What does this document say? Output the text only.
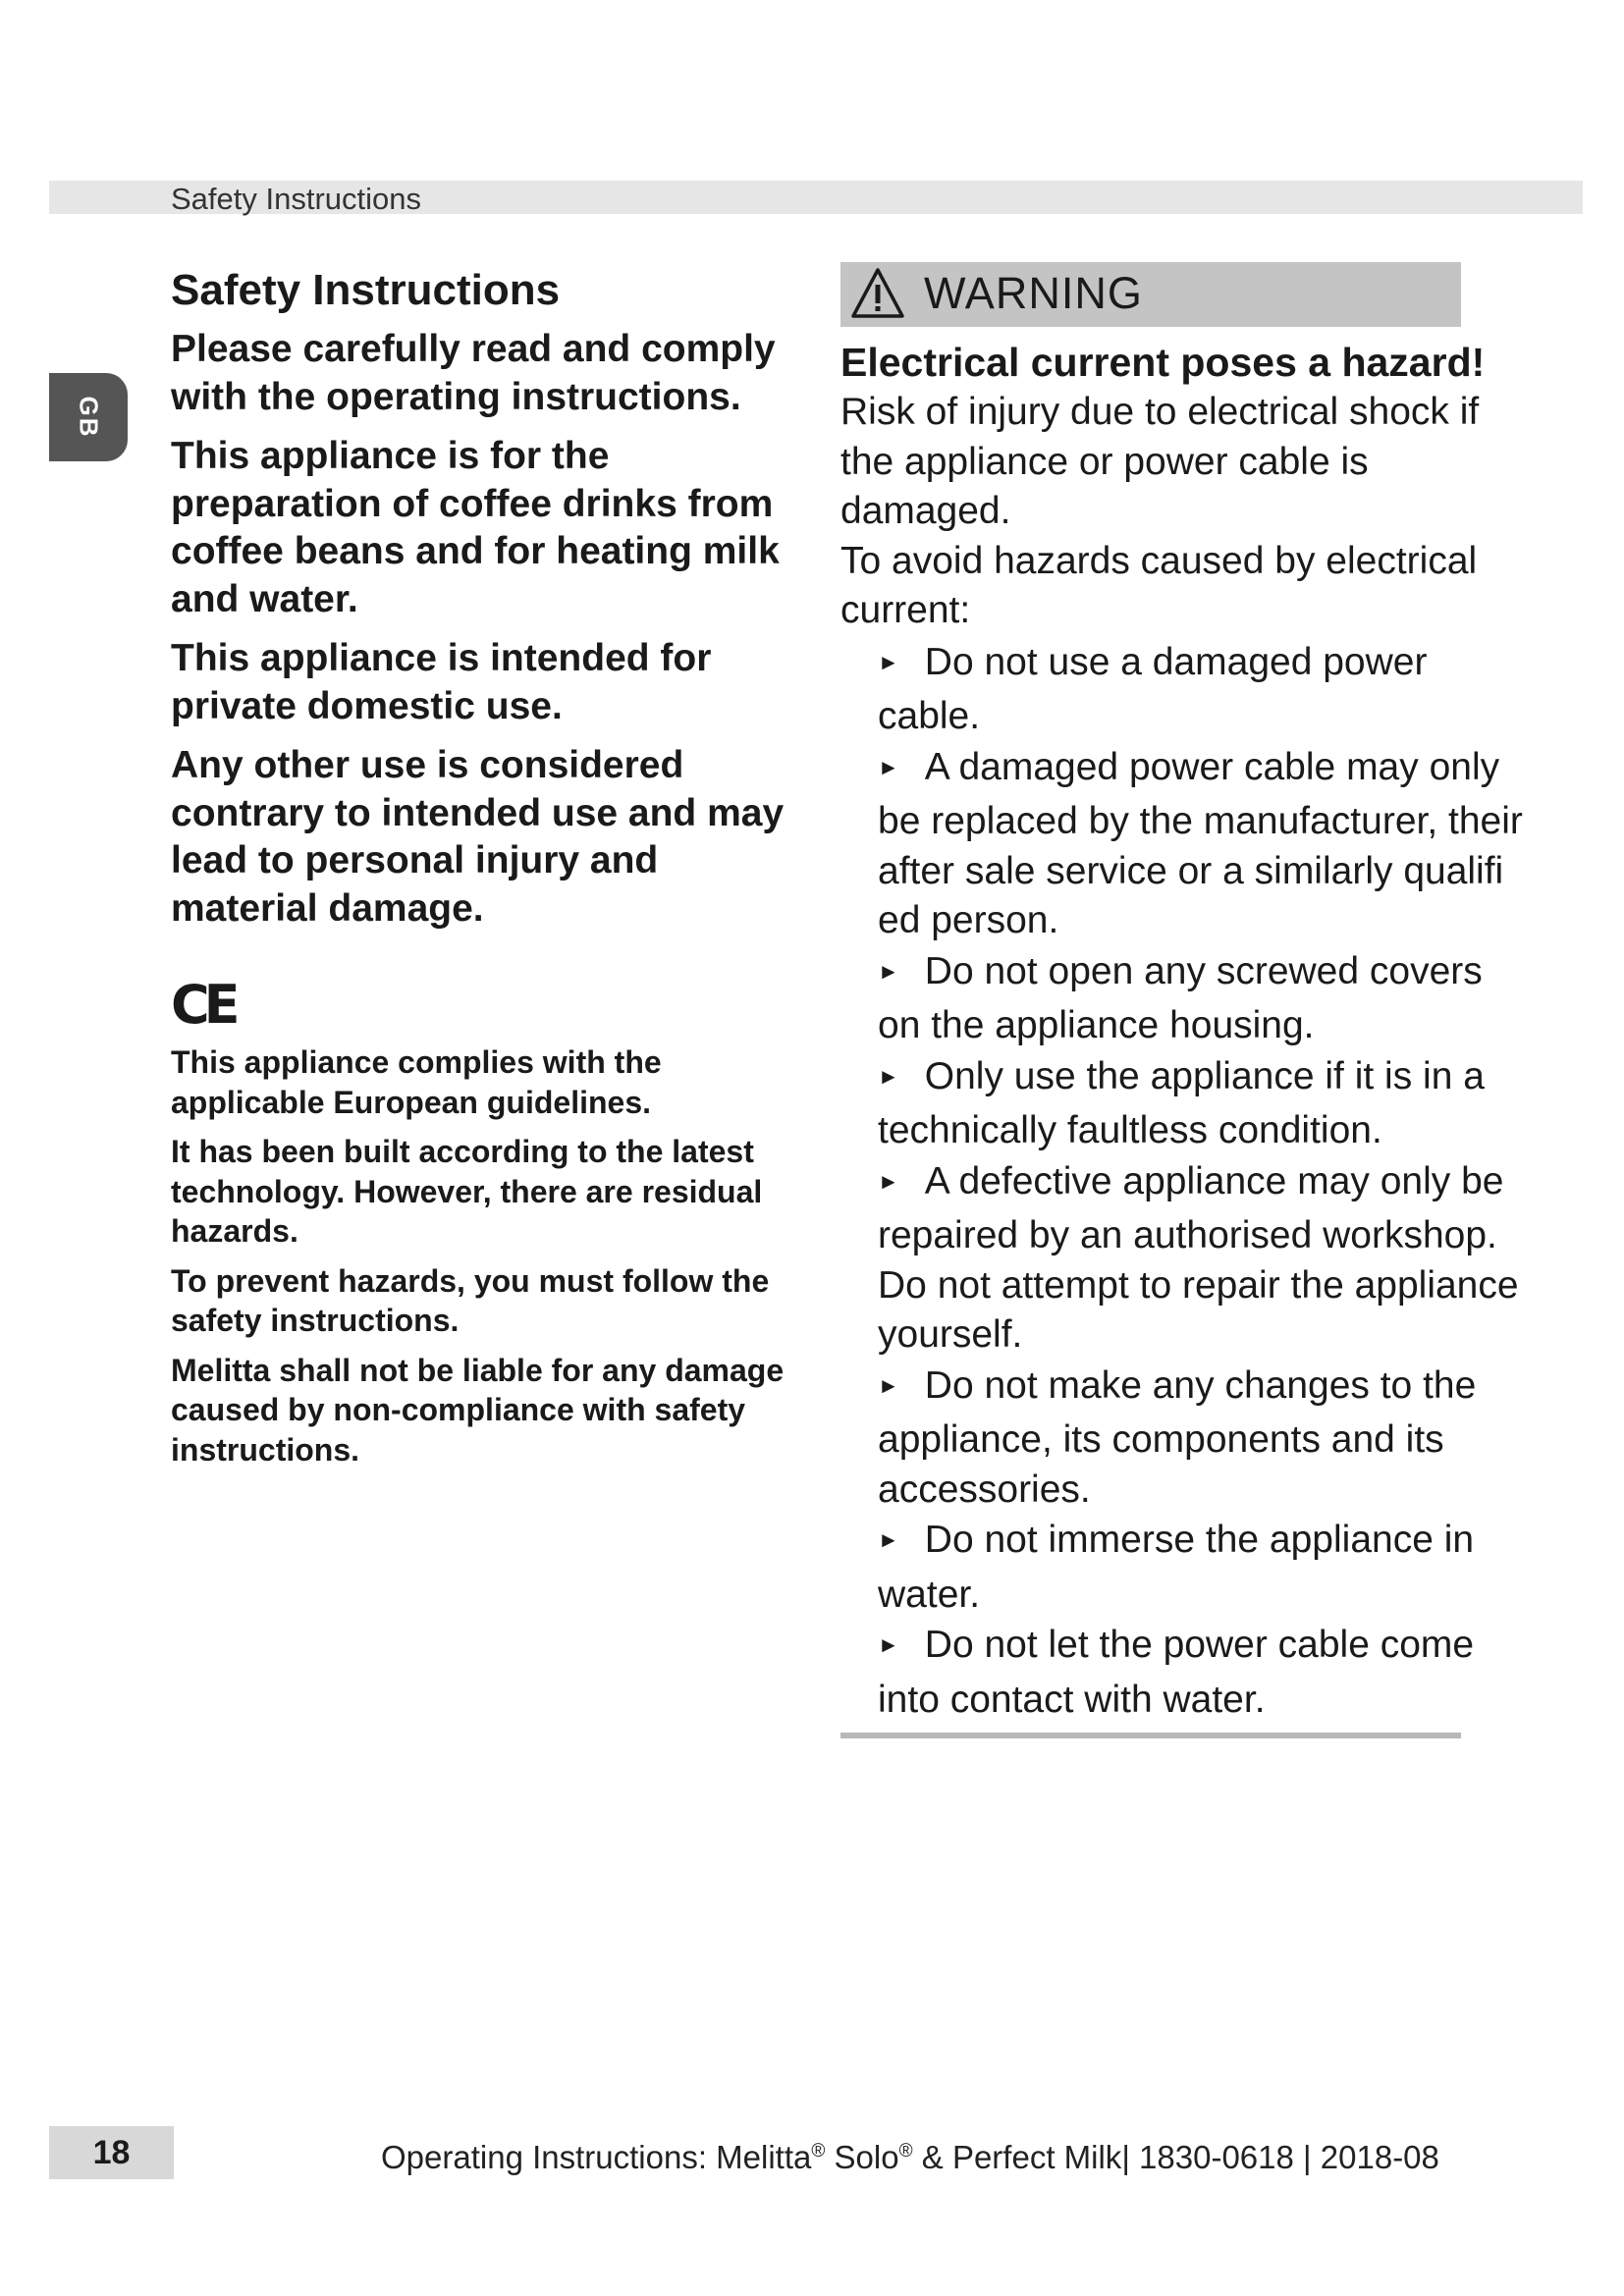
Safety Instructions
GB
Safety Instructions

Please carefully read and comply with the operating instructions.

This appliance is for the preparation of coffee drinks from coffee beans and for heating milk and water.

This appliance is intended for private domestic use.

Any other use is considered contrary to intended use and may lead to personal injury and material damage.

CE

This appliance complies with the applicable European guidelines.

It has been built according to the latest technology. However, there are residual hazards.

To prevent hazards, you must follow the safety instructions.

Melitta shall not be liable for any damage caused by non-compliance with safety instructions.

WARNING

Electrical current poses a hazard!

Risk of injury due to electrical shock if the appliance or power cable is damaged.

To avoid hazards caused by electrical current:

► Do not use a damaged power cable.
► A damaged power cable may only be replaced by the manufacturer, their after sale service or a similarly qualifi ed person.
► Do not open any screwed covers on the appliance housing.
► Only use the appliance if it is in a technically faultless condition.
► A defective appliance may only be repaired by an authorised workshop. Do not attempt to repair the appliance yourself.
► Do not make any changes to the appliance, its components and its accessories.
► Do not immerse the appliance in water.
► Do not let the power cable come into contact with water.
18	Operating Instructions: Melitta® Solo® & Perfect Milk| 1830-0618 | 2018-08
